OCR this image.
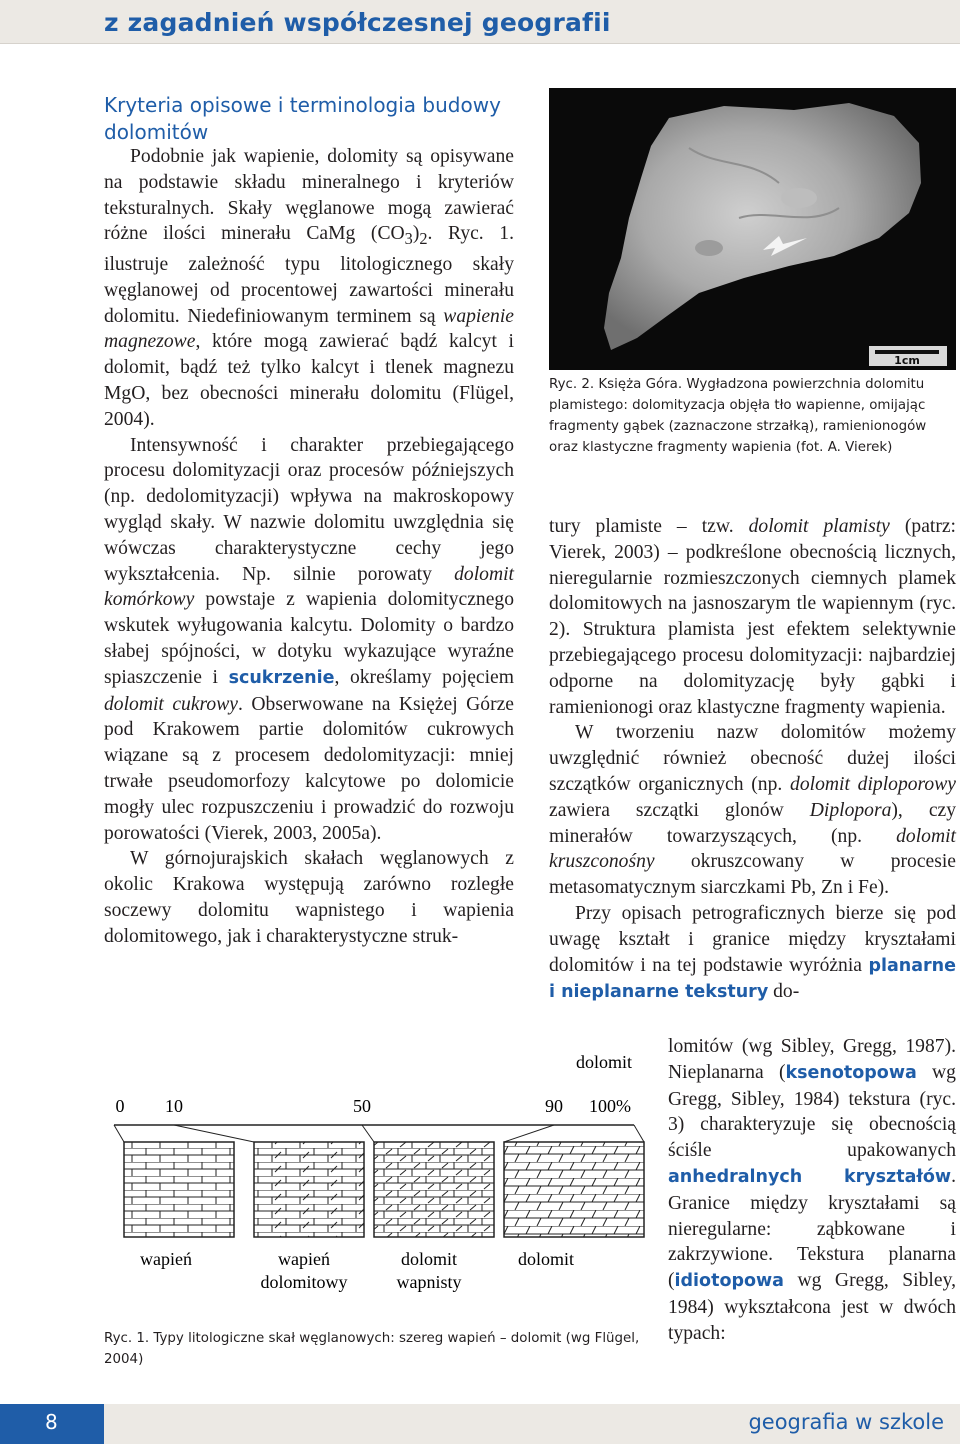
z zagadnień współczesnej geografii
Kryteria opisowe i terminologia budowy dolomitów

Podobnie jak wapienie, dolomity są opisywane na podstawie składu mineralnego i kryteriów teksturalnych. Skały węglanowe mogą zawierać różne ilości minerału CaMg $(CO_3)_2$. Ryc. 1. ilustruje zależność typu litologicznego skały węglanowej od procentowej zawartości minerału dolomitu. Niedefiniowanym terminem są wapienie magnezowe, które mogą zawierać bądź kalcyt i dolomit, bądź też tylko kalcyt i tlenek magnezu MgO, bez obecności minerału dolomitu (Flügel, 2004).

Intensywność i charakter przebiegającego procesu dolomityzacji oraz procesów późniejszych (np. dedolomityzacji) wpływa na makroskopowy wygląd skały. W nazwie dolomitu uwzględnia się wówczas charakterystyczne cechy jego wykształcenia. Np. silnie porowaty dolomit komórkowy powstaje z wapienia dolomitycznego wskutek wyługowania kalcytu. Dolomity o bardzo słabej spójności, w dotyku wykazujące wyraźne spiaszczenie i scukrzenie, określamy pojęciem dolomit cukrowy. Obserwowane na Księżej Górze pod Krakowem partie dolomitów cukrowych wiązane są z procesem dedolomityzacji: mniej trwałe pseudomorfozy kalcytowe po dolomicie mogły ulec rozpuszczeniu i prowadzić do rozwoju porowatości (Vierek, 2003, 2005a).

W górnojurajskich skałach węglanowych z okolic Krakowa występują zarówno rozległe soczewy dolomitu wapnistego i wapienia dolomitowego, jak i charakterystyczne struk-

1cm
Ryc. 2. Księża Góra. Wygładzona powierzchnia dolomitu plamistego: dolomityzacja objęła tło wapienne, omijając fragmenty gąbek (zaznaczone strzałką), ramienionogów oraz klastyczne fragmenty wapienia (fot. A. Vierek)

tury plamiste – tzw. dolomit plamisty (patrz: Vierek, 2003) – podkreślone obecnością licznych, nieregularnie rozmieszczonych ciemnych plamek dolomitowych na jasnoszarym tle wapiennym (ryc. 2). Struktura plamista jest efektem selektywnie przebiegającego procesu dolomityzacji: najbardziej odporne na dolomityzację były gąbki i ramienionogi oraz klastyczne fragmenty wapienia.

W tworzeniu nazw dolomitów możemy uwzględnić również obecność dużej ilości szczątków organicznych (np. dolomit diploporowy zawiera szczątki glonów Diplopora), czy minerałów towarzyszących, (np. dolomit kruszconośny okruszcowany w procesie metasomatycznym siarczkami Pb, Zn i Fe).

Przy opisach petrograficznych bierze się pod uwagę kształt i granice między kryształami dolomitów i na tej podstawie wyróżnia planarne i nieplanarne tekstury do-

lomitów (wg Sibley, Gregg, 1987). Nieplanarna (ksenotopowa wg Gregg, Sibley, 1984) tekstura (ryc. 3) charakteryzuje się obecnością ściśle upakowanych anhedralnych kryształów. Granice między kryształami są nieregularne: ząbkowane i zakrzywione. Tekstura planarna (idiotopowa wg Gregg, Sibley, 1984) wykształcona jest w dwóch typach:

dolomit
0 10	50	90 100%
wapień	wapień
dolomitowy
dolomit
wapnisty
dolomit
Ryc. 1. Typy litologiczne skał węglanowych: szereg wapień – dolomit (wg Flügel, 2004)
8	geografia w szkole
